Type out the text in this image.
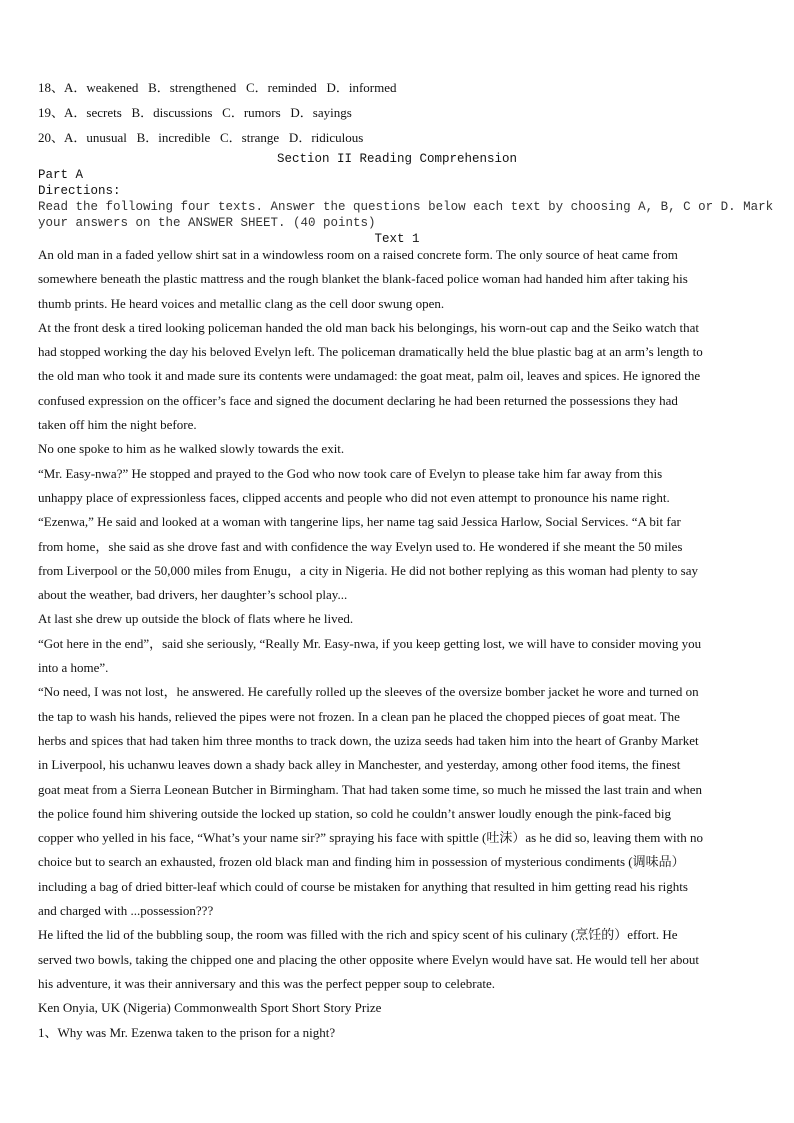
18、A．weakened   B．strengthened   C．reminded   D．informed
19、A．secrets   B．discussions   C．rumors   D．sayings
20、A．unusual   B．incredible   C．strange   D．ridiculous
Section II Reading Comprehension
Part A
Directions:
Read the following four texts. Answer the questions below each text by choosing A, B, C or D. Mark
your answers on the ANSWER SHEET. (40 points)
Text 1
An old man in a faded yellow shirt sat in a windowless room on a raised concrete form. The only source of heat came from
somewhere beneath the plastic mattress and the rough blanket the blank-faced police woman had handed him after taking his
thumb prints. He heard voices and metallic clang as the cell door swung open.
At the front desk a tired looking policeman handed the old man back his belongings, his worn-out cap and the Seiko watch that
had stopped working the day his beloved Evelyn left. The policeman dramatically held the blue plastic bag at an arm’s length to
the old man who took it and made sure its contents were undamaged: the goat meat, palm oil, leaves and spices. He ignored the
confused expression on the officer’s face and signed the document declaring he had been returned the possessions they had
taken off him the night before.
No one spoke to him as he walked slowly towards the exit.
“Mr. Easy-nwa?” He stopped and prayed to the God who now took care of Evelyn to please take him far away from this
unhappy place of expressionless faces, clipped accents and people who did not even attempt to pronounce his name right.
“Ezenwa,” He said and looked at a woman with tangerine lips, her name tag said Jessica Harlow, Social Services. “A bit far
from home，she said as she drove fast and with confidence the way Evelyn used to. He wondered if she meant the 50 miles
from Liverpool or the 50,000 miles from Enugu，a city in Nigeria. He did not bother replying as this woman had plenty to say
about the weather, bad drivers, her daughter’s school play...
At last she drew up outside the block of flats where he lived.
“Got here in the end”，said she seriously, “Really Mr. Easy-nwa, if you keep getting lost, we will have to consider moving you
into a home”.
“No need, I was not lost，he answered. He carefully rolled up the sleeves of the oversize bomber jacket he wore and turned on
the tap to wash his hands, relieved the pipes were not frozen. In a clean pan he placed the chopped pieces of goat meat. The
herbs and spices that had taken him three months to track down, the uziza seeds had taken him into the heart of Granby Market
in Liverpool, his uchanwu leaves down a shady back alley in Manchester, and yesterday, among other food items, the finest
goat meat from a Sierra Leonean Butcher in Birmingham. That had taken some time, so much he missed the last train and when
the police found him shivering outside the locked up station, so cold he couldn’t answer loudly enough the pink-faced big
copper who yelled in his face, “What’s your name sir?” spraying his face with spittle (吐沫）as he did so, leaving them with no
choice but to search an exhausted, frozen old black man and finding him in possession of mysterious condiments (调味品）
including a bag of dried bitter-leaf which could of course be mistaken for anything that resulted in him getting read his rights
and charged with ...possession???
He lifted the lid of the bubbling soup, the room was filled with the rich and spicy scent of his culinary (烹饪的）effort. He
served two bowls, taking the chipped one and placing the other opposite where Evelyn would have sat. He would tell her about
his adventure, it was their anniversary and this was the perfect pepper soup to celebrate.
Ken Onyia, UK (Nigeria) Commonwealth Sport Short Story Prize
1、Why was Mr. Ezenwa taken to the prison for a night?
